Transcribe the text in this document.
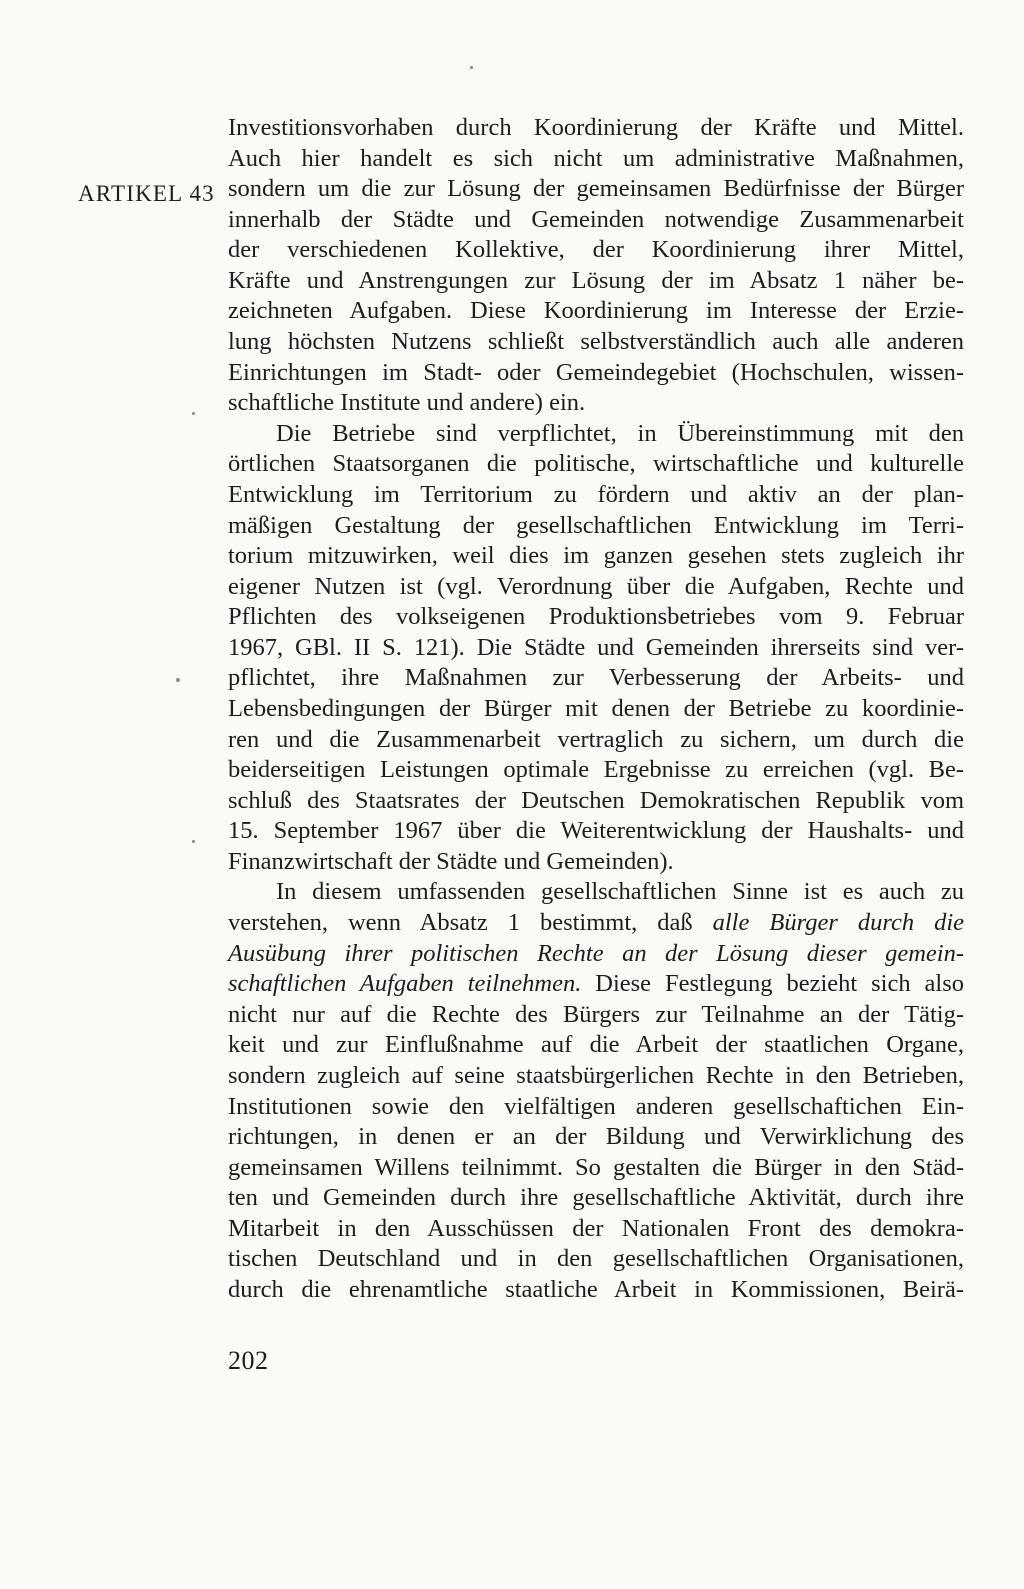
ARTIKEL 43
Investitionsvorhaben durch Koordinierung der Kräfte und Mittel.
Auch hier handelt es sich nicht um administrative Maßnahmen,
sondern um die zur Lösung der gemeinsamen Bedürfnisse der Bürger
innerhalb der Städte und Gemeinden notwendige Zusammenarbeit
der verschiedenen Kollektive, der Koordinierung ihrer Mittel,
Kräfte und Anstrengungen zur Lösung der im Absatz 1 näher be-
zeichneten Aufgaben. Diese Koordinierung im Interesse der Erzie-
lung höchsten Nutzens schließt selbstverständlich auch alle anderen
Einrichtungen im Stadt- oder Gemeindegebiet (Hochschulen, wissen-
schaftliche Institute und andere) ein.
Die Betriebe sind verpflichtet, in Übereinstimmung mit den
örtlichen Staatsorganen die politische, wirtschaftliche und kulturelle
Entwicklung im Territorium zu fördern und aktiv an der plan-
mäßigen Gestaltung der gesellschaftlichen Entwicklung im Terri-
torium mitzuwirken, weil dies im ganzen gesehen stets zugleich ihr
eigener Nutzen ist (vgl. Verordnung über die Aufgaben, Rechte und
Pflichten des volkseigenen Produktionsbetriebes vom 9. Februar
1967, GBl. II S. 121). Die Städte und Gemeinden ihrerseits sind ver-
pflichtet, ihre Maßnahmen zur Verbesserung der Arbeits- und
Lebensbedingungen der Bürger mit denen der Betriebe zu koordinie-
ren und die Zusammenarbeit vertraglich zu sichern, um durch die
beiderseitigen Leistungen optimale Ergebnisse zu erreichen (vgl. Be-
schluß des Staatsrates der Deutschen Demokratischen Republik vom
15. September 1967 über die Weiterentwicklung der Haushalts- und
Finanzwirtschaft der Städte und Gemeinden).
In diesem umfassenden gesellschaftlichen Sinne ist es auch zu
verstehen, wenn Absatz 1 bestimmt, daß alle Bürger durch die
Ausübung ihrer politischen Rechte an der Lösung dieser gemein-
schaftlichen Aufgaben teilnehmen. Diese Festlegung bezieht sich also
nicht nur auf die Rechte des Bürgers zur Teilnahme an der Tätig-
keit und zur Einflußnahme auf die Arbeit der staatlichen Organe,
sondern zugleich auf seine staatsbürgerlichen Rechte in den Betrieben,
Institutionen sowie den vielfältigen anderen gesellschaftichen Ein-
richtungen, in denen er an der Bildung und Verwirklichung des
gemeinsamen Willens teilnimmt. So gestalten die Bürger in den Städ-
ten und Gemeinden durch ihre gesellschaftliche Aktivität, durch ihre
Mitarbeit in den Ausschüssen der Nationalen Front des demokra-
tischen Deutschland und in den gesellschaftlichen Organisationen,
durch die ehrenamtliche staatliche Arbeit in Kommissionen, Beirä-
202
